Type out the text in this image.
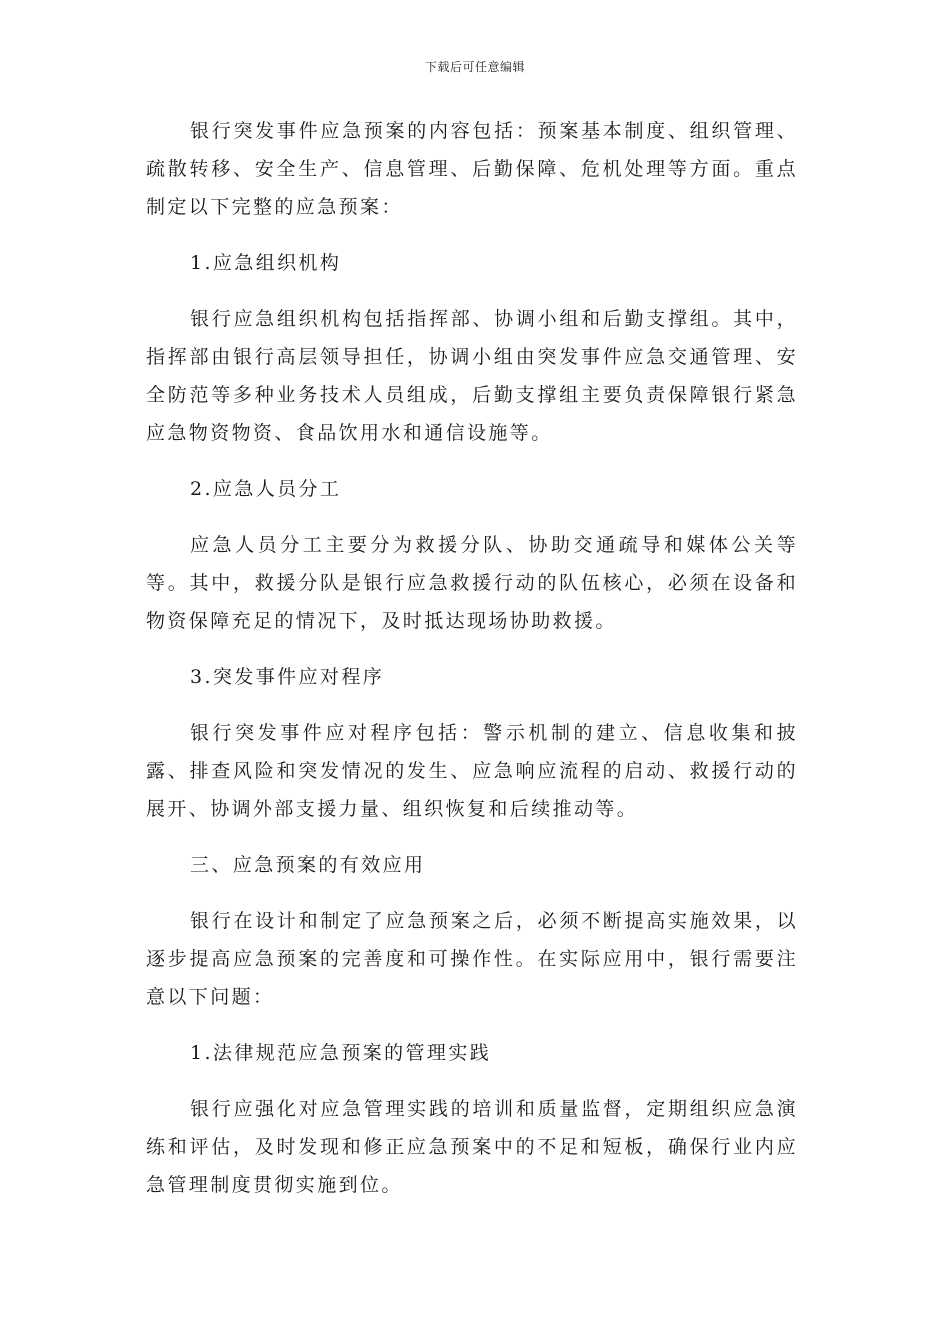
下载后可任意编辑

银行突发事件应急预案的内容包括：预案基本制度、组织管理、疏散转移、安全生产、信息管理、后勤保障、危机处理等方面。重点制定以下完整的应急预案：

1.应急组织机构

银行应急组织机构包括指挥部、协调小组和后勤支撑组。其中，指挥部由银行高层领导担任，协调小组由突发事件应急交通管理、安全防范等多种业务技术人员组成，后勤支撑组主要负责保障银行紧急应急物资物资、食品饮用水和通信设施等。

2.应急人员分工

应急人员分工主要分为救援分队、协助交通疏导和媒体公关等等。其中，救援分队是银行应急救援行动的队伍核心，必须在设备和物资保障充足的情况下，及时抵达现场协助救援。

3.突发事件应对程序

银行突发事件应对程序包括：警示机制的建立、信息收集和披露、排查风险和突发情况的发生、应急响应流程的启动、救援行动的展开、协调外部支援力量、组织恢复和后续推动等。

三、应急预案的有效应用

银行在设计和制定了应急预案之后，必须不断提高实施效果，以逐步提高应急预案的完善度和可操作性。在实际应用中，银行需要注意以下问题：

1.法律规范应急预案的管理实践

银行应强化对应急管理实践的培训和质量监督，定期组织应急演练和评估，及时发现和修正应急预案中的不足和短板，确保行业内应急管理制度贯彻实施到位。
